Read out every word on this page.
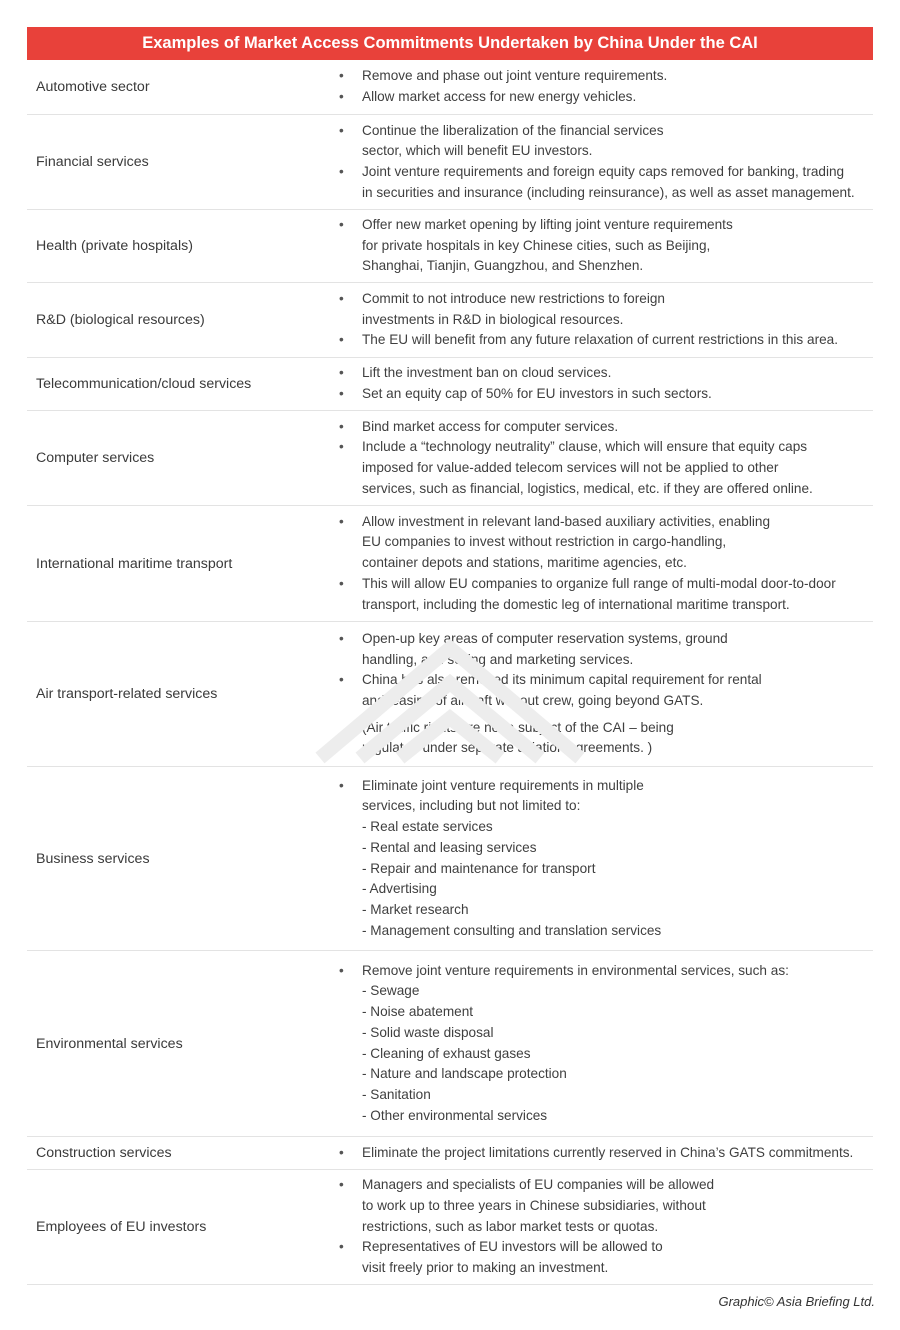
Examples of Market Access Commitments Undertaken by China Under the CAI
Automotive sector
• Remove and phase out joint venture requirements.
• Allow market access for new energy vehicles.
Financial services
• Continue the liberalization of the financial services
sector, which will benefit EU investors.
• Joint venture requirements and foreign equity caps removed for banking, trading
in securities and insurance (including reinsurance), as well as asset management.
Health (private hospitals)
• Offer new market opening by lifting joint venture requirements
for private hospitals in key Chinese cities, such as Beijing,
Shanghai, Tianjin, Guangzhou, and Shenzhen.
R&D (biological resources)
• Commit to not introduce new restrictions to foreign
investments in R&D in biological resources.
• The EU will benefit from any future relaxation of current restrictions in this area.
Telecommunication/cloud services
• Lift the investment ban on cloud services.
• Set an equity cap of 50% for EU investors in such sectors.
Computer services
• Bind market access for computer services.
• Include a “technology neutrality” clause, which will ensure that equity caps
imposed for value-added telecom services will not be applied to other
services, such as financial, logistics, medical, etc. if they are offered online.
International maritime transport
• Allow investment in relevant land-based auxiliary activities, enabling
EU companies to invest without restriction in cargo-handling,
container depots and stations, maritime agencies, etc.
• This will allow EU companies to organize full range of multi-modal door-to-door
transport, including the domestic leg of international maritime transport.
Air transport-related services
• Open-up key areas of computer reservation systems, ground
handling, and selling and marketing services.
• China has also removed its minimum capital requirement for rental
and leasing of aircraft without crew, going beyond GATS.
(Air traffic rights are not a subject of the CAI – being
regulated under separate aviation agreements. )
Business services
• Eliminate joint venture requirements in multiple
services, including but not limited to:
- Real estate services
- Rental and leasing services
- Repair and maintenance for transport
- Advertising
- Market research
- Management consulting and translation services
Environmental services
• Remove joint venture requirements in environmental services, such as:
- Sewage
- Noise abatement
- Solid waste disposal
- Cleaning of exhaust gases
- Nature and landscape protection
- Sanitation
- Other environmental services
Construction services
•	Eliminate the project limitations currently reserved in China’s GATS commitments.
Employees of EU investors
• Managers and specialists of EU companies will be allowed
to work up to three years in Chinese subsidiaries, without
restrictions, such as labor market tests or quotas.
• Representatives of EU investors will be allowed to
visit freely prior to making an investment.
Graphic© Asia Briefing Ltd.
